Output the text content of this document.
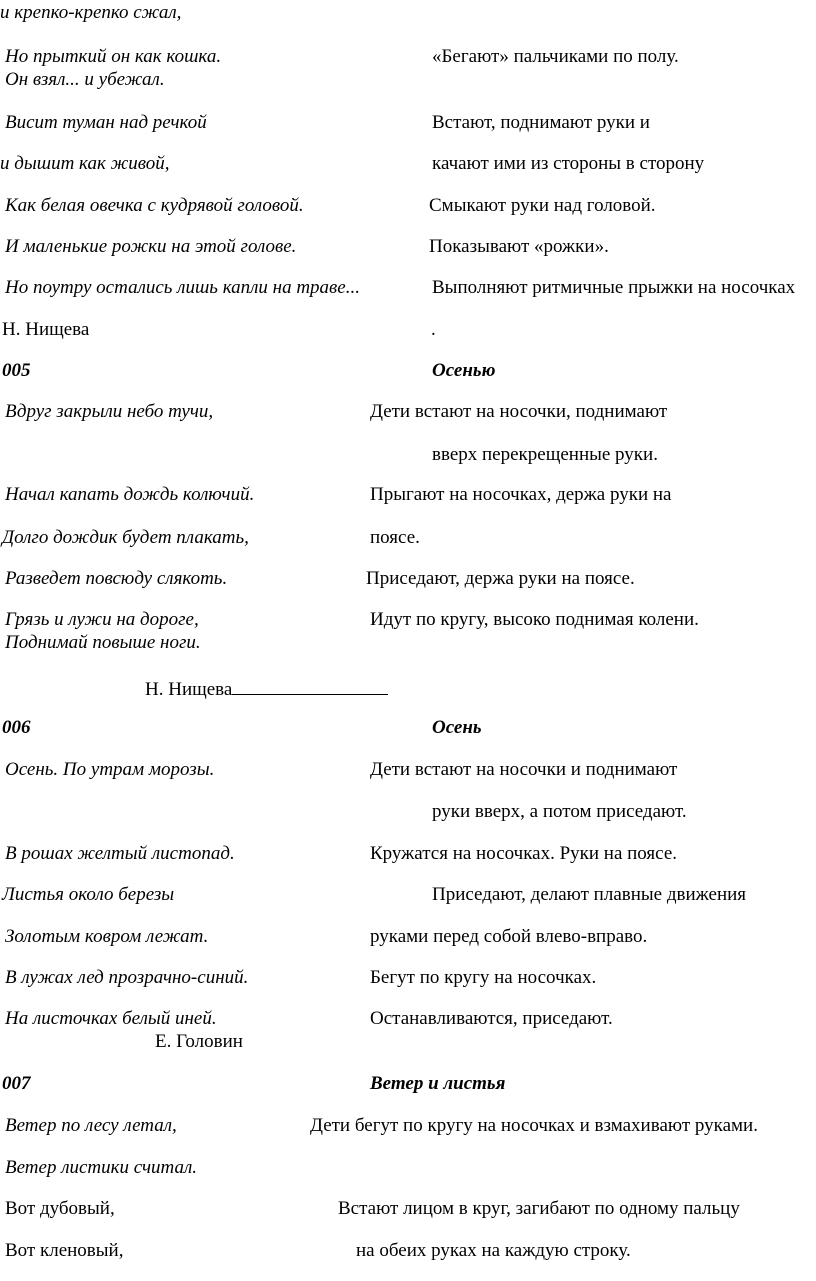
и крепко-крепко сжал,
Но прыткий он как кошка.	«Бегают» пальчиками по полу.
Он взял... и убежал.
Висит туман над речкой	Встают, поднимают руки и
и дышит как живой,	качают ими из стороны в сторону
Как белая овечка с кудрявой головой.	Смыкают руки над головой.
И маленькие рожки на этой голове.	Показывают «рожки».
Но поутру остались лишь капли на траве...	Выполняют ритмичные прыжки на носочках
Н. Нищева	.
005	Осенью
Вдруг закрыли небо тучи,	Дети встают на носочки, поднимают
вверх перекрещенные руки.
Начал капать дождь колючий.	Прыгают на носочках, держа руки на
Долго дождик будет плакать,	поясе.
Разведет повсюду слякоть.	Приседают, держа руки на поясе.
Грязь и лужи на дороге,	Идут по кругу, высоко поднимая колени.
Поднимай повыше ноги.
Н. Нищева
006	Осень
Осень. По утрам морозы.	Дети встают на носочки и поднимают
руки вверх, а потом приседают.
В рошах желтый листопад.	Кружатся на носочках. Руки на поясе.
Листья около березы	Приседают, делают плавные движения
Золотым ковром лежат.	руками перед собой влево-вправо.
В лужах лед прозрачно-синий.	Бегут по кругу на носочках.
На листочках белый иней.	Останавливаются, приседают.
Е. Головин
007	Ветер и листья
Ветер по лесу летал,	Дети бегут по кругу на носочках и взмахивают руками.
Ветер листики считал.
Вот дубовый,	Встают лицом в круг, загибают по одному пальцу
Вот кленовый,	на обеих руках на каждую строку.
